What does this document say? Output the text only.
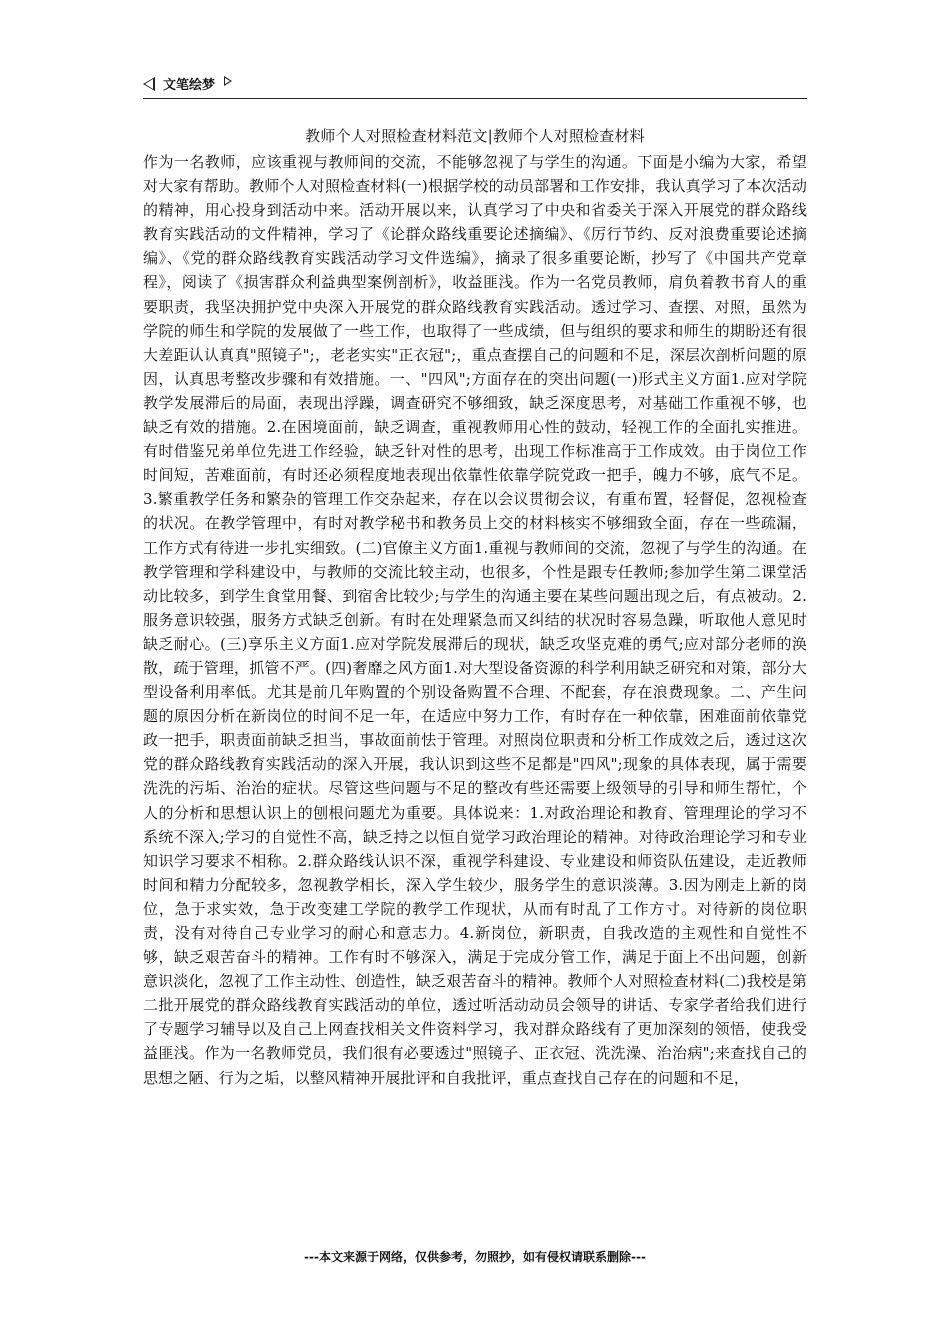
文笔绘梦
教师个人对照检查材料范文|教师个人对照检查材料
作为一名教师，应该重视与教师间的交流，不能够忽视了与学生的沟通。下面是小编为大家，希望对大家有帮助。教师个人对照检查材料(一)根据学校的动员部署和工作安排，我认真学习了本次活动的精神，用心投身到活动中来。活动开展以来，认真学习了中央和省委关于深入开展党的群众路线教育实践活动的文件精神，学习了《论群众路线重要论述摘编》、《厉行节约、反对浪费重要论述摘编》、《党的群众路线教育实践活动学习文件选编》，摘录了很多重要论断，抄写了《中国共产党章程》，阅读了《损害群众利益典型案例剖析》，收益匪浅。作为一名党员教师，肩负着教书育人的重要职责，我坚决拥护党中央深入开展党的群众路线教育实践活动。透过学习、查摆、对照，虽然为学院的师生和学院的发展做了一些工作，也取得了一些成绩，但与组织的要求和师生的期盼还有很大差距认认真真"照镜子";，老老实实"正衣冠";，重点查摆自己的问题和不足，深层次剖析问题的原因，认真思考整改步骤和有效措施。一、"四风";方面存在的突出问题(一)形式主义方面1.应对学院教学发展滞后的局面，表现出浮躁，调查研究不够细致，缺乏深度思考，对基础工作重视不够，也缺乏有效的措施。2.在困境面前，缺乏调查，重视教师用心性的鼓动，轻视工作的全面扎实推进。有时借鉴兄弟单位先进工作经验，缺乏针对性的思考，出现工作标准高于工作成效。由于岗位工作时间短，苦难面前，有时还必须程度地表现出依靠性依靠学院党政一把手，魄力不够，底气不足。3.繁重教学任务和繁杂的管理工作交杂起来，存在以会议贯彻会议，有重布置，轻督促，忽视检查的状况。在教学管理中，有时对教学秘书和教务员上交的材料核实不够细致全面，存在一些疏漏，工作方式有待进一步扎实细致。(二)官僚主义方面1.重视与教师间的交流，忽视了与学生的沟通。在教学管理和学科建设中，与教师的交流比较主动，也很多，个性是跟专任教师;参加学生第二课堂活动比较多，到学生食堂用餐、到宿舍比较少;与学生的沟通主要在某些问题出现之后，有点被动。2.服务意识较强，服务方式缺乏创新。有时在处理紧急而又纠结的状况时容易急躁，听取他人意见时缺乏耐心。(三)享乐主义方面1.应对学院发展滞后的现状，缺乏攻坚克难的勇气;应对部分老师的涣散，疏于管理，抓管不严。(四)奢靡之风方面1.对大型设备资源的科学利用缺乏研究和对策，部分大型设备利用率低。尤其是前几年购置的个别设备购置不合理、不配套，存在浪费现象。二、产生问题的原因分析在新岗位的时间不足一年，在适应中努力工作，有时存在一种依靠，困难面前依靠党政一把手，职责面前缺乏担当，事故面前怯于管理。对照岗位职责和分析工作成效之后，透过这次党的群众路线教育实践活动的深入开展，我认识到这些不足都是"四风";现象的具体表现，属于需要洗洗的污垢、治治的症状。尽管这些问题与不足的整改有些还需要上级领导的引导和师生帮忙，个人的分析和思想认识上的刨根问题尤为重要。具体说来：1.对政治理论和教育、管理理论的学习不系统不深入;学习的自觉性不高，缺乏持之以恒自觉学习政治理论的精神。对待政治理论学习和专业知识学习要求不相称。2.群众路线认识不深，重视学科建设、专业建设和师资队伍建设，走近教师时间和精力分配较多，忽视教学相长，深入学生较少，服务学生的意识淡薄。3.因为刚走上新的岗位，急于求实效，急于改变建工学院的教学工作现状，从而有时乱了工作方寸。对待新的岗位职责，没有对待自己专业学习的耐心和意志力。4.新岗位，新职责，自我改造的主观性和自觉性不够，缺乏艰苦奋斗的精神。工作有时不够深入，满足于完成分管工作，满足于面上不出问题，创新意识淡化，忽视了工作主动性、创造性，缺乏艰苦奋斗的精神。教师个人对照检查材料(二)我校是第二批开展党的群众路线教育实践活动的单位，透过听活动动员会领导的讲话、专家学者给我们进行了专题学习辅导以及自己上网查找相关文件资料学习，我对群众路线有了更加深刻的领悟，使我受益匪浅。作为一名教师党员，我们很有必要透过"照镜子、正衣冠、洗洗澡、治治病";来查找自己的思想之陋、行为之垢，以整风精神开展批评和自我批评，重点查找自己存在的问题和不足，
---本文来源于网络，仅供参考，勿照抄，如有侵权请联系删除---
